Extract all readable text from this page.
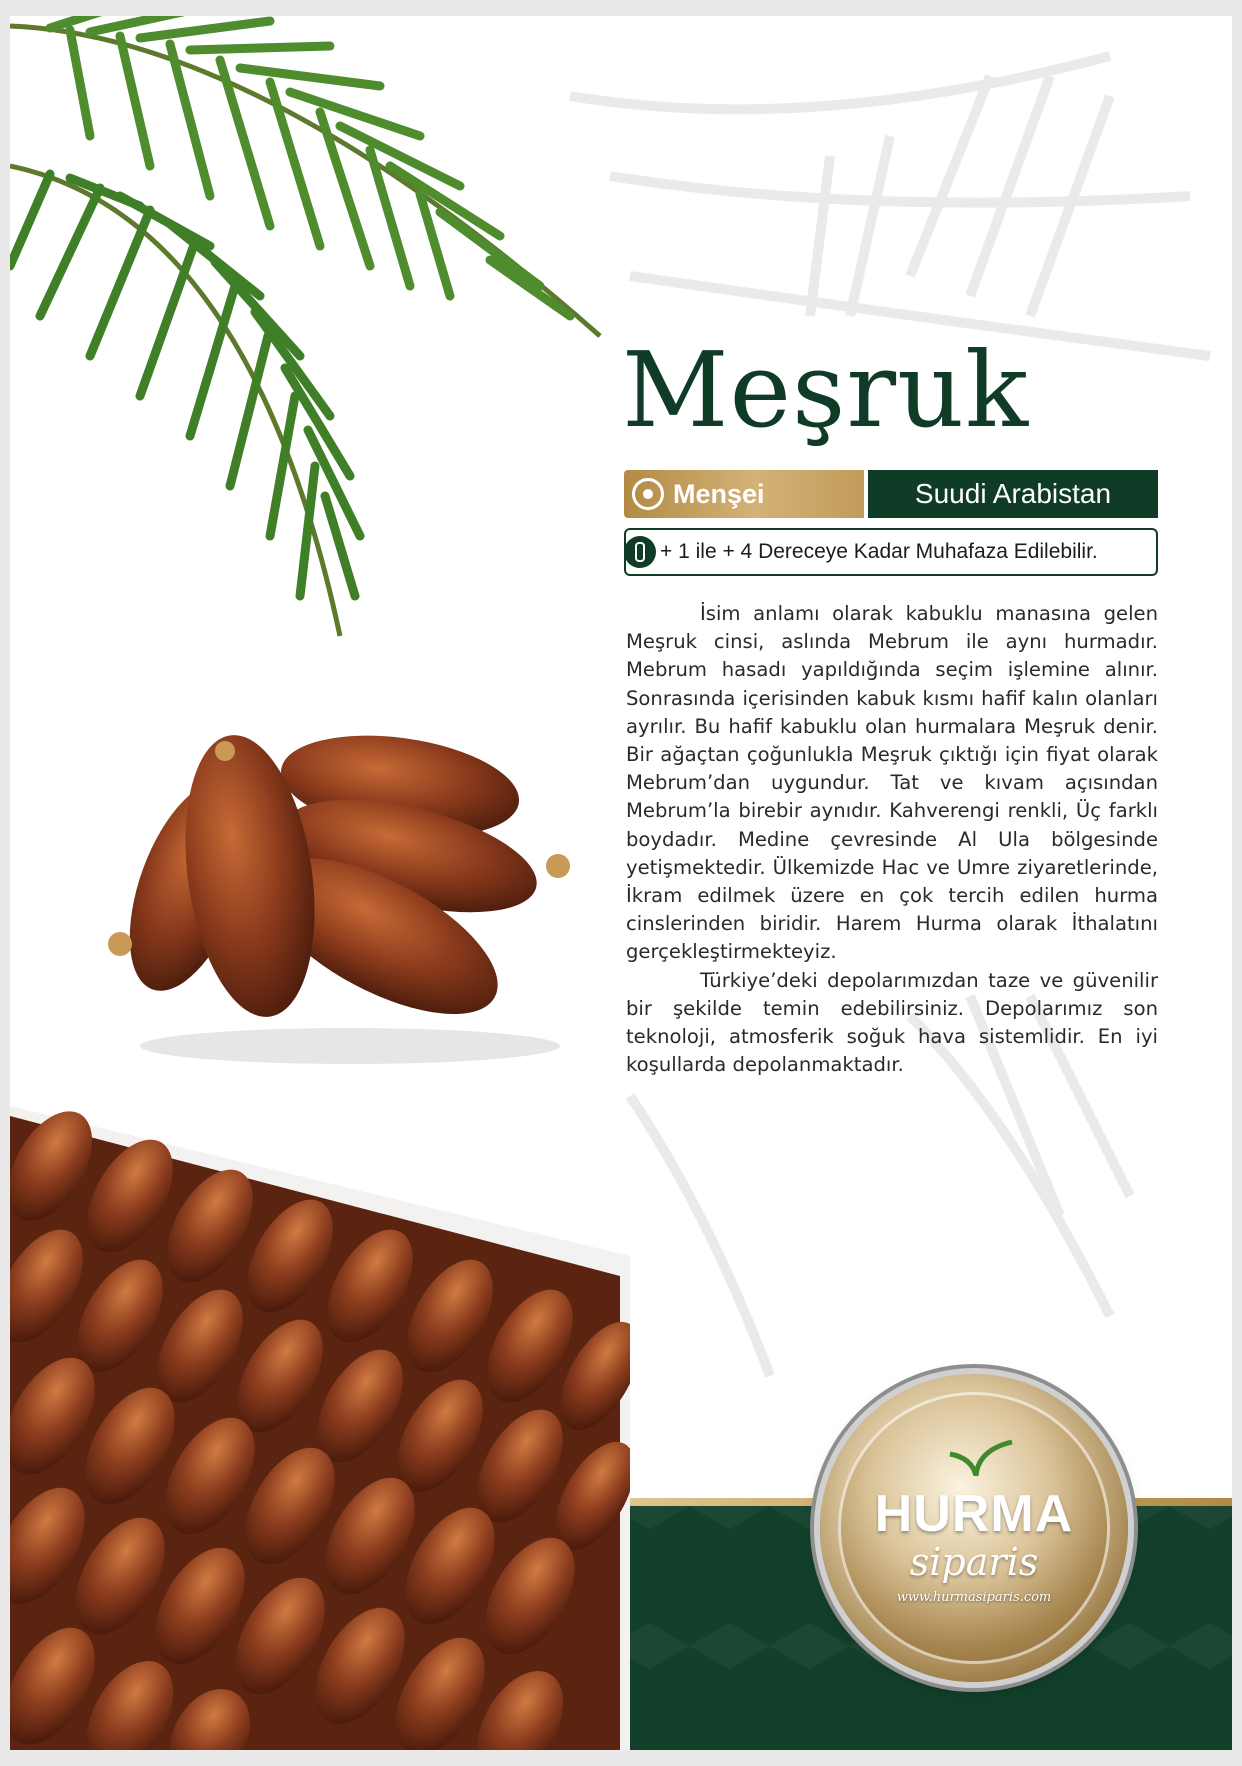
Meşruk
Menşei	Suudi Arabistan
+ 1 ile + 4 Dereceye Kadar Muhafaza Edilebilir.

İsim anlamı olarak kabuklu manasına gelen Meşruk cinsi, aslında Mebrum ile aynı hurmadır. Mebrum hasadı yapıldığında seçim işlemine alınır. Sonrasında içerisinden kabuk kısmı hafif kalın olanları ayrılır. Bu hafif kabuklu olan hurmalara Meşruk denir. Bir ağaçtan çoğunlukla Meşruk çıktığı için fiyat olarak Mebrum’dan uygundur. Tat ve kıvam açısından Mebrum’la birebir aynıdır. Kahverengi renkli, Üç farklı boydadır. Medine çevresinde Al Ula bölgesinde yetişmektedir. Ülkemizde Hac ve Umre ziyaretlerinde, İkram edilmek üzere en çok tercih edilen hurma cinslerinden biridir. Harem Hurma olarak İthalatını gerçekleştirmekteyiz.

Türkiye’deki depolarımızdan taze ve güvenilir bir şekilde temin edebilirsiniz. Depolarımız son teknoloji, atmosferik soğuk hava sistemlidir. En iyi koşullarda depolanmaktadır.

HURMA
siparis
www.hurmasiparis.com
